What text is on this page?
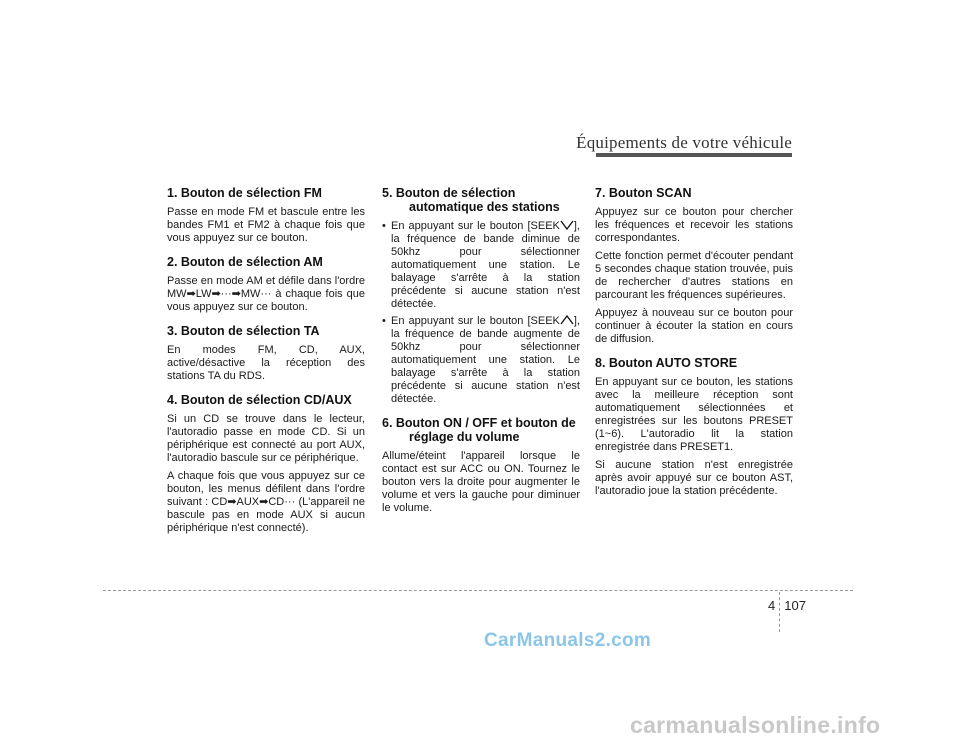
Équipements de votre véhicule
1. Bouton de sélection FM

Passe en mode FM et bascule entre les bandes FM1 et FM2 à chaque fois que vous appuyez sur ce bouton.

2. Bouton de sélection AM

Passe en mode AM et défile dans l'ordre MW➡LW➡···➡MW··· à chaque fois que vous appuyez sur ce bouton.

3. Bouton de sélection TA

En modes FM, CD, AUX, active/désactive la réception des stations TA du RDS.

4. Bouton de sélection CD/AUX

Si un CD se trouve dans le lecteur, l'autoradio passe en mode CD. Si un périphérique est connecté au port AUX, l'autoradio bascule sur ce périphérique.

A chaque fois que vous appuyez sur ce bouton, les menus défilent dans l'ordre suivant : CD➡AUX➡CD··· (L'appareil ne bascule pas en mode AUX si aucun périphérique n'est connecté).

5. Bouton de sélection
automatique des stations
• En appuyant sur le bouton [SEEK ], la fréquence de bande diminue de 50khz pour sélectionner automatiquement une station. Le balayage s'arrête à la station précédente si aucune station n'est détectée.
• En appuyant sur le bouton [SEEK ], la fréquence de bande augmente de 50khz pour sélectionner automatiquement une station. Le balayage s'arrête à la station précédente si aucune station n'est détectée.
6. Bouton ON / OFF et bouton de
réglage du volume

Allume/éteint l'appareil lorsque le contact est sur ACC ou ON. Tournez le bouton vers la droite pour augmenter le volume et vers la gauche pour diminuer le volume.

7. Bouton SCAN

Appuyez sur ce bouton pour chercher les fréquences et recevoir les stations correspondantes.

Cette fonction permet d'écouter pendant 5 secondes chaque station trouvée, puis de rechercher d'autres stations en parcourant les fréquences supérieures.

Appuyez à nouveau sur ce bouton pour continuer à écouter la station en cours de diffusion.

8. Bouton AUTO STORE

En appuyant sur ce bouton, les stations avec la meilleure réception sont automatiquement sélectionnées et enregistrées sur les boutons PRESET (1~6). L'autoradio lit la station enregistrée dans PRESET1.

Si aucune station n'est enregistrée après avoir appuyé sur ce bouton AST, l'autoradio joue la station précédente.

4 107
CarManuals2.com
carmanualsonline.info
